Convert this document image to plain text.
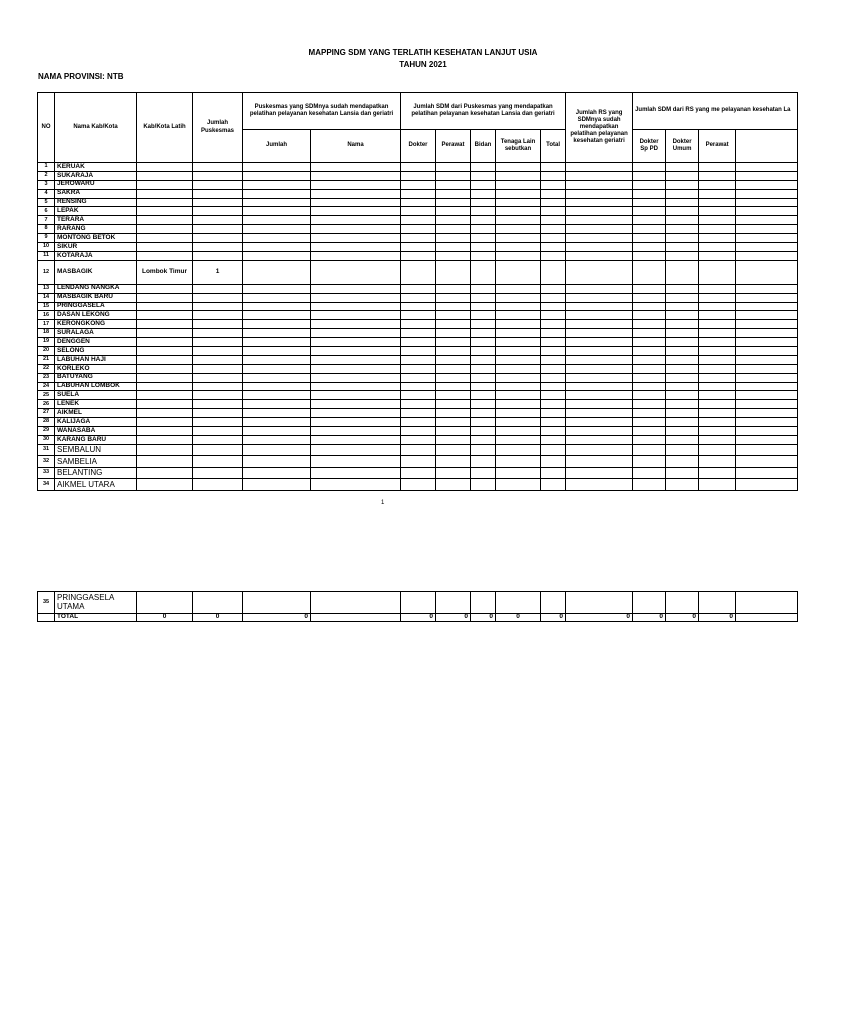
MAPPING SDM YANG TERLATIH KESEHATAN LANJUT USIA
TAHUN 2021
NAMA PROVINSI: NTB
NO	Nama Kab/Kota	Kab/Kota Latih	Jumlah Puskesmas	Puskesmas yang SDMnya sudah mendapatkan pelatihan pelayanan kesehatan Lansia dan geriatri		Jumlah SDM dari Puskesmas yang mendapatkan pelatihan pelayanan kesehatan Lansia dan geriatri					Jumlah RS yang SDMnya sudah mendapatkan pelatihan pelayanan kesehatan geriatri	Jumlah SDM dari RS yang me pelayanan kesehatan La			
				Jumlah	Nama	Dokter	Perawat	Bidan	Tenaga Lain sebutkan	Total		Dokter Sp PD	Dokter Umum	Perawat	
1	KERUAK														
2	SUKARAJA														
3	JEROWARU														
4	SAKRA														
5	RENSING														
6	LEPAK														
7	TERARA														
8	RARANG														
9	MONTONG BETOK														
10	SIKUR														
11	KOTARAJA														
12	MASBAGIK	Lombok Timur	1												
13	LENDANG NANGKA														
14	MASBAGIK BARU														
15	PRINGGASELA														
16	DASAN LEKONG														
17	KERONGKONG														
18	SURALAGA														
19	DENGGEN														
20	SELONG														
21	LABUHAN HAJI														
22	KORLEKO														
23	BATUYANG														
24	LABUHAN LOMBOK														
25	SUELA														
26	LENEK														
27	AIKMEL														
28	KALIJAGA														
29	WANASABA														
30	KARANG BARU														
31	SEMBALUN														
32	SAMBELIA														
33	BELANTING														
34	AIKMEL UTARA														
1
35	PRINGGASELA UTAMA														
	TOTAL	0	0	0		0	0	0	0	0	0	0	0	0	
